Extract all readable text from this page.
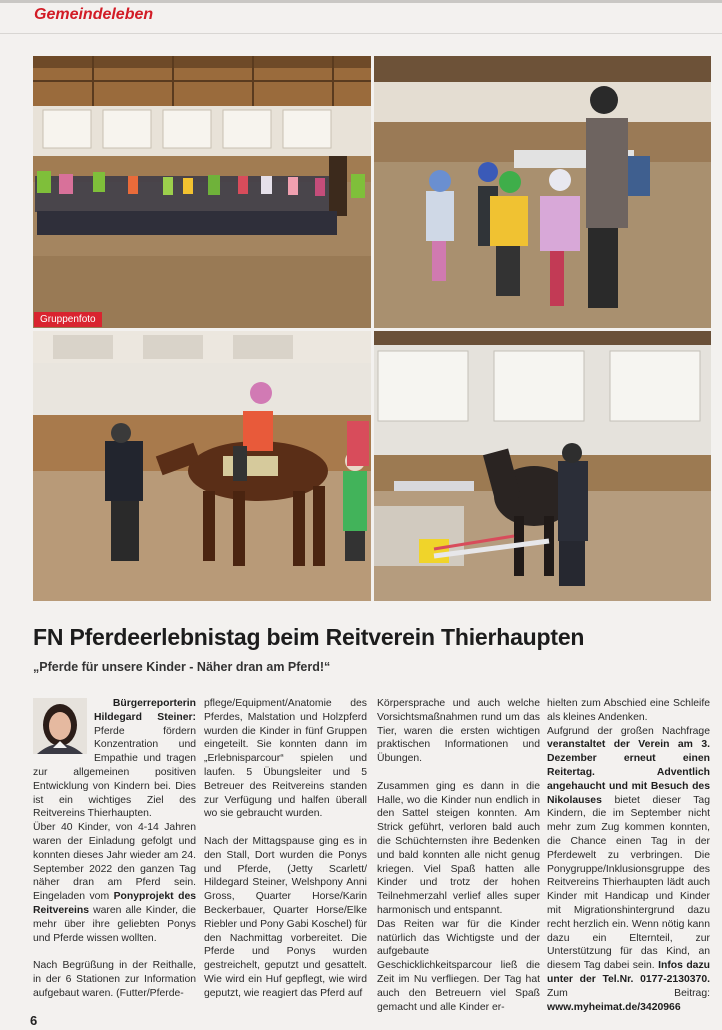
Gemeindeleben
Gruppenfoto
FN Pferdeerlebnistag beim Reitverein Thierhaupten
„Pferde für unsere Kinder - Näher dran am Pferd!“

Bürgerreporterin

Hildegard Steiner: Pferde fördern Konzentration und Empathie und tragen zur allgemeinen positiven Entwicklung von Kindern bei. Dies ist ein wichtiges Ziel des Reitvereins Thierhaupten.

Über 40 Kinder, von 4-14 Jahren waren der Einladung gefolgt und konnten dieses Jahr wieder am 24. September 2022 den ganzen Tag näher dran am Pferd sein. Eingeladen vom Ponyprojekt des Reitvereins waren alle Kinder, die mehr über ihre geliebten Ponys und Pferde wissen wollten.

Nach Begrüßung in der Reithalle, in der 6 Stationen zur Information aufgebaut waren. (Futter/Pferde-

pflege/Equipment/Anatomie des Pferdes, Malstation und Holzpferd wurden die Kinder in fünf Gruppen eingeteilt. Sie konnten dann im „Erlebnisparcour“ spielen und laufen. 5 Übungsleiter und 5 Betreuer des Reitvereins standen zur Verfügung und halfen überall wo sie gebraucht wurden.

Nach der Mittagspause ging es in den Stall, Dort wurden die Ponys und Pferde, (Jetty Scarlett/ Hildegard Steiner, Welshpony Anni Gross, Quarter Horse/Karin Beckerbauer, Quarter Horse/Elke Riebler und Pony Gabi Koschel) für den Nachmittag vorbereitet. Die Pferde und Ponys wurden gestreichelt, geputzt und gesattelt. Wie wird ein Huf gepflegt, wie wird geputzt, wie reagiert das Pferd auf

Körpersprache und auch welche Vorsichtsmaßnahmen rund um das Tier, waren die ersten wichtigen praktischen Informationen und Übungen.

Zusammen ging es dann in die Halle, wo die Kinder nun endlich in den Sattel steigen konnten. Am Strick geführt, verloren bald auch die Schüchternsten ihre Bedenken und bald konnten alle nicht genug kriegen. Viel Spaß hatten alle Kinder und trotz der hohen Teilnehmerzahl verlief alles super harmonisch und entspannt.

Das Reiten war für die Kinder natürlich das Wichtigste und der aufgebaute Geschicklichkeitsparcour ließ die Zeit im Nu verfliegen. Der Tag hat auch den Betreuern viel Spaß gemacht und alle Kinder er-

hielten zum Abschied eine Schleife als kleines Andenken.

Aufgrund der großen Nachfrage veranstaltet der Verein am 3. Dezember erneut einen Reitertag. Adventlich angehaucht und mit Besuch des Nikolauses bietet dieser Tag Kindern, die im September nicht mehr zum Zug kommen konnten, die Chance einen Tag in der Pferdewelt zu verbringen. Die Ponygruppe/Inklusionsgruppe des Reitvereins Thierhaupten lädt auch Kinder mit Handicap und Kinder mit Migrationshintergrund dazu recht herzlich ein. Wenn nötig kann dazu ein Elternteil, zur Unterstützung für das Kind, an diesem Tag dabei sein. Infos dazu unter der Tel.Nr. 0177-2130370. Zum Beitrag: www.myheimat.de/3420966

6
